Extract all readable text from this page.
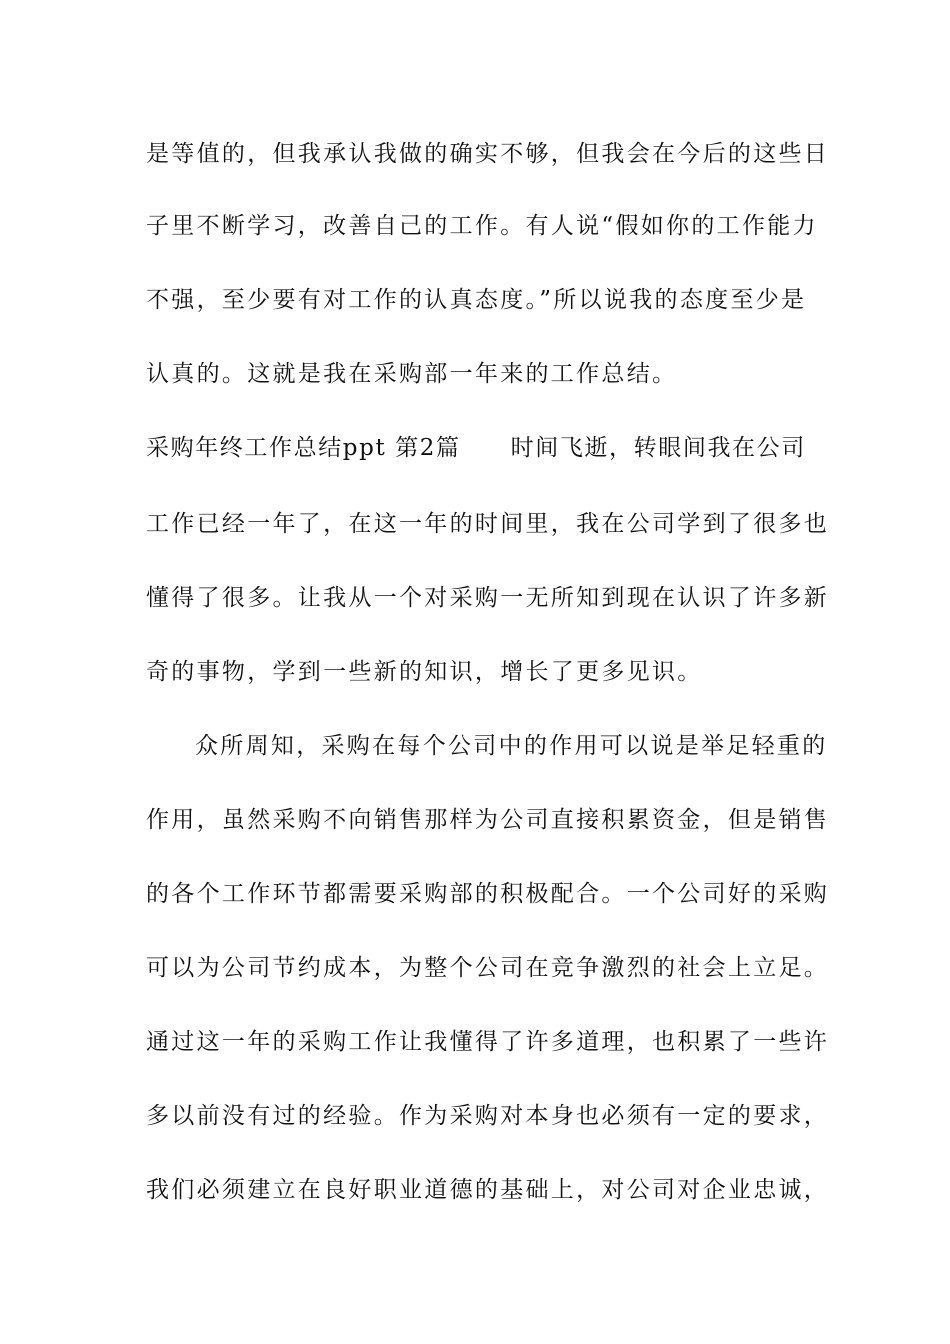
是等值的，但我承认我做的确实不够，但我会在今后的这些日
子里不断学习，改善自己的工作。有人说“假如你的工作能力
不强，至少要有对工作的认真态度。”所以说我的态度至少是
认真的。这就是我在采购部一年来的工作总结。
采购年终工作总结ppt 第2篇 时间飞逝，转眼间我在公司
工作已经一年了，在这一年的时间里，我在公司学到了很多也
懂得了很多。让我从一个对采购一无所知到现在认识了许多新
奇的事物，学到一些新的知识，增长了更多见识。
众所周知，采购在每个公司中的作用可以说是举足轻重的
作用，虽然采购不向销售那样为公司直接积累资金，但是销售
的各个工作环节都需要采购部的积极配合。一个公司好的采购
可以为公司节约成本，为整个公司在竞争激烈的社会上立足。
通过这一年的采购工作让我懂得了许多道理，也积累了一些许
多以前没有过的经验。作为采购对本身也必须有一定的要求，
我们必须建立在良好职业道德的基础上，对公司对企业忠诚，
